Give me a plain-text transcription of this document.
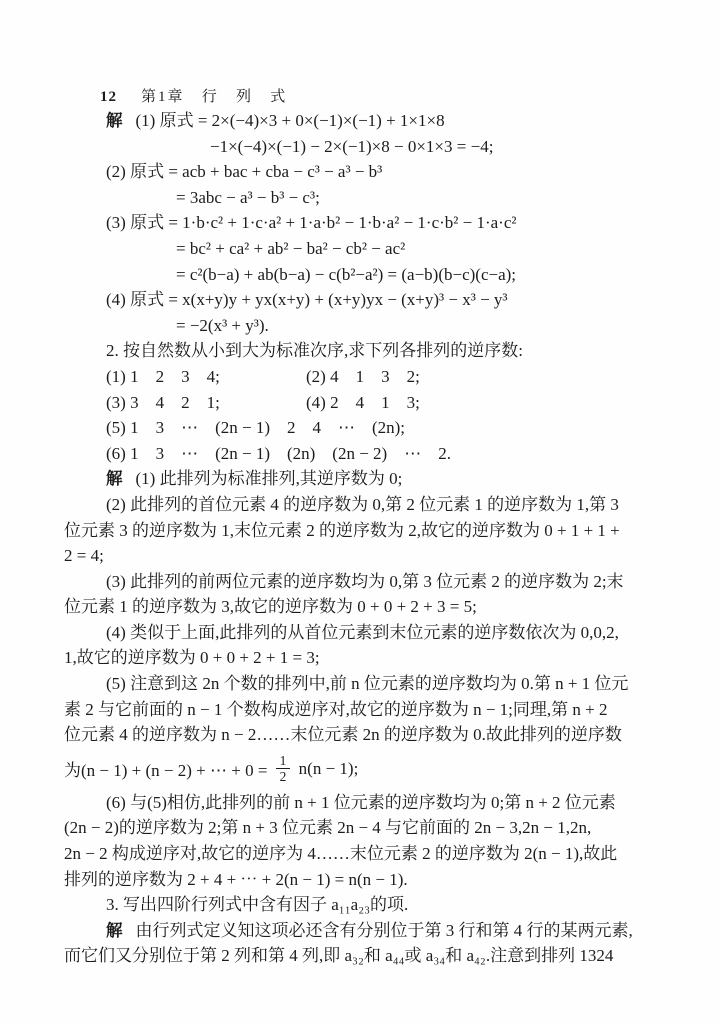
12 第1章   行   列   式

解 (1) 原式 = 2×(−4)×3 + 0×(−1)×(−1) + 1×1×8
−1×(−4)×(−1) − 2×(−1)×8 − 0×1×3 = −4;
(2) 原式 = acb + bac + cba − c³ − a³ − b³
= 3abc − a³ − b³ − c³;
(3) 原式 = 1·b·c² + 1·c·a² + 1·a·b² − 1·b·a² − 1·c·b² − 1·a·c²
= bc² + ca² + ab² − ba² − cb² − ac²
= c²(b−a) + ab(b−a) − c(b²−a²) = (a−b)(b−c)(c−a);
(4) 原式 = x(x+y)y + yx(x+y) + (x+y)yx − (x+y)³ − x³ − y³
= −2(x³ + y³).
2. 按自然数从小到大为标准次序,求下列各排列的逆序数:
(1) 1    2    3    4;	(2) 4    1    3    2;
(3) 3    4    2    1;	(4) 2    4    1    3;
(5) 1    3    ⋯    (2n − 1)    2    4    ⋯    (2n);
(6) 1    3    ⋯    (2n − 1)    (2n)    (2n − 2)    ⋯    2.
解 (1) 此排列为标准排列,其逆序数为 0;
(2) 此排列的首位元素 4 的逆序数为 0,第 2 位元素 1 的逆序数为 1,第 3
位元素 3 的逆序数为 1,末位元素 2 的逆序数为 2,故它的逆序数为 0 + 1 + 1 +
2 = 4;
(3) 此排列的前两位元素的逆序数均为 0,第 3 位元素 2 的逆序数为 2;末
位元素 1 的逆序数为 3,故它的逆序数为 0 + 0 + 2 + 3 = 5;
(4) 类似于上面,此排列的从首位元素到末位元素的逆序数依次为 0,0,2,
1,故它的逆序数为 0 + 0 + 2 + 1 = 3;
(5) 注意到这 2n 个数的排列中,前 n 位元素的逆序数均为 0.第 n + 1 位元
素 2 与它前面的 n − 1 个数构成逆序对,故它的逆序数为 n − 1;同理,第 n + 2
位元素 4 的逆序数为 n − 2……末位元素 2n 的逆序数为 0.故此排列的逆序数
为(n − 1) + (n − 2) + ⋯ + $0 = \frac{1}{2} n(n - 1)$;
(6) 与(5)相仿,此排列的前 n + 1 位元素的逆序数均为 0;第 n + 2 位元素
(2n − 2)的逆序数为 2;第 n + 3 位元素 2n − 4 与它前面的 2n − 3,2n − 1,2n,
2n − 2 构成逆序对,故它的逆序为 4……末位元素 2 的逆序数为 2(n − 1),故此
排列的逆序数为 2 + 4 + ⋯ + 2(n − 1) = n(n − 1).
3. 写出四阶行列式中含有因子 a₁₁a₂₃的项.
解 由行列式定义知这项必还含有分别位于第 3 行和第 4 行的某两元素,
而它们又分别位于第 2 列和第 4 列,即 a₃₂和 a₄₄或 a₃₄和 a₄₂.注意到排列 1324
